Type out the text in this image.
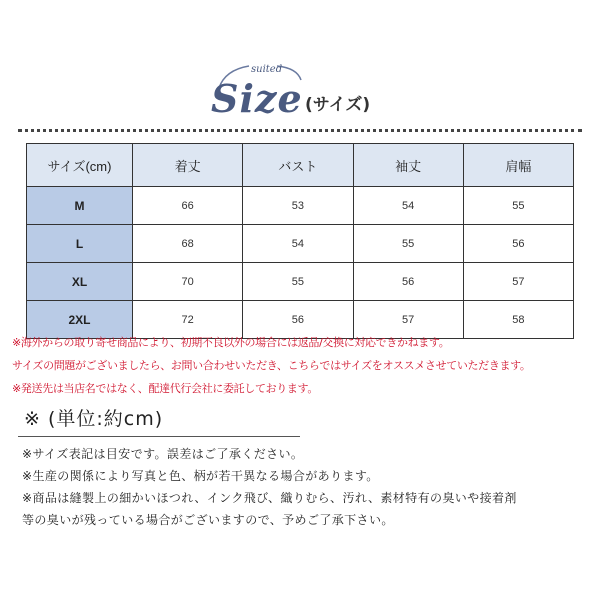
suited
Size (サイズ)
サイズ(cm)	着丈	バスト	袖丈	肩幅
M	66	53	54	55
L	68	54	55	56
XL	70	55	56	57
2XL	72	56	57	58

※海外からの取り寄せ商品により、初期不良以外の場合には返品/交換に対応できかねます。

サイズの問題がございましたら、お問い合わせいただき、こちらではサイズをオススメさせていただきます。

※発送先は当店名ではなく、配達代行会社に委託しております。

※ (単位:約cm)

※サイズ表記は目安です。誤差はご了承ください。

※生産の関係により写真と色、柄が若干異なる場合があります。

※商品は縫製上の細かいほつれ、インク飛び、織りむら、汚れ、素材特有の臭いや接着剤

等の臭いが残っている場合がございますので、予めご了承下さい。
